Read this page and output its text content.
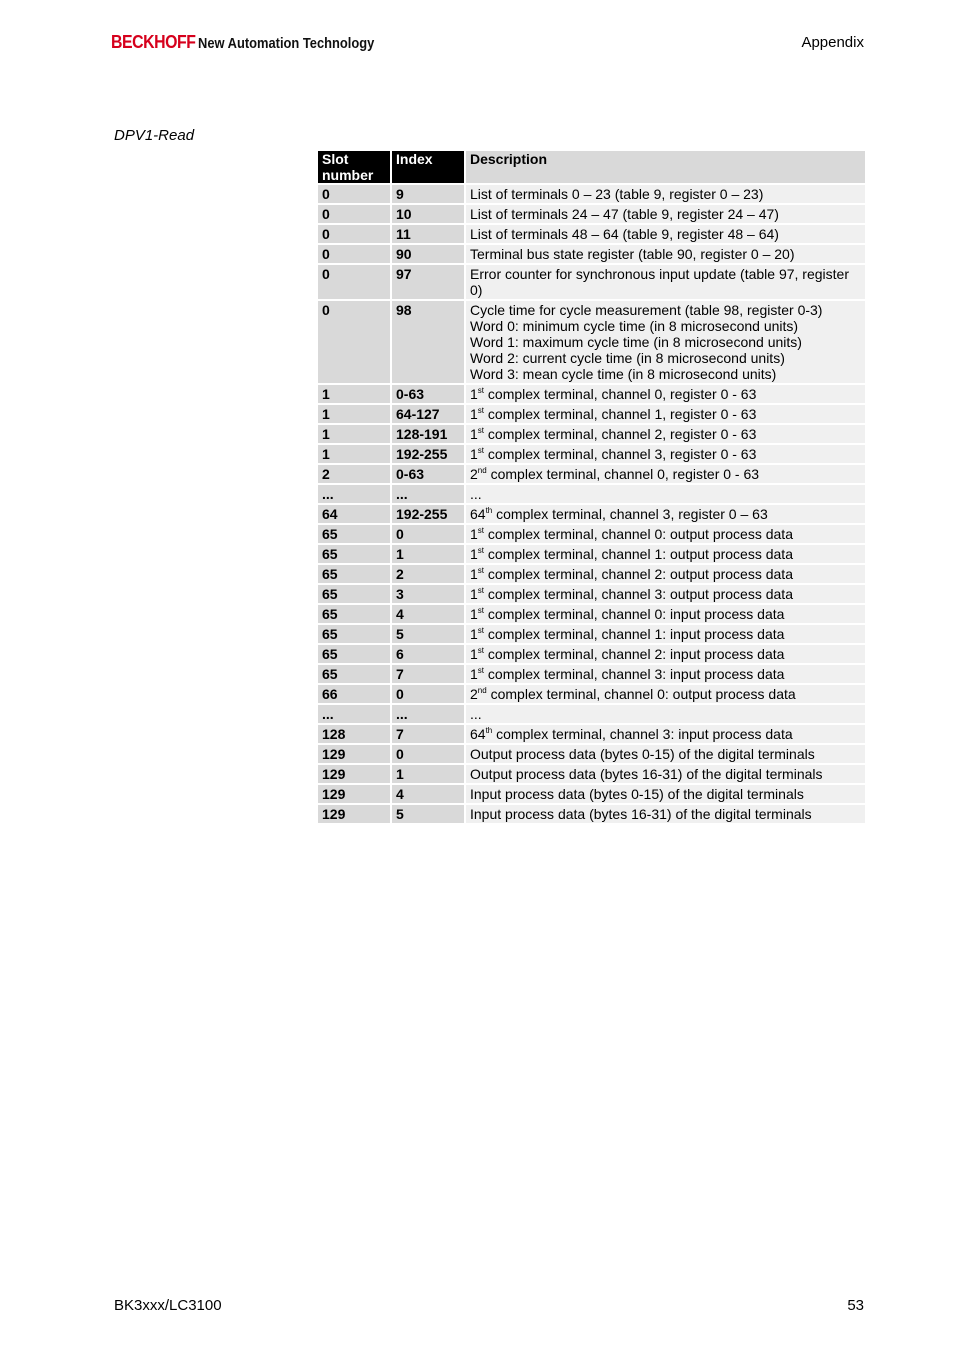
BECKHOFF New Automation Technology	Appendix
DPV1-Read
Slot number	Index	Description
0	9	List of terminals 0 – 23 (table 9, register 0 – 23)
0	10	List of terminals 24 – 47 (table 9, register 24 – 47)
0	11	List of terminals 48 – 64 (table 9, register 48 – 64)
0	90	Terminal bus state register (table 90, register 0 – 20)
0	97	Error counter for synchronous input update (table 97, register 0)
0	98	Cycle time for cycle measurement (table 98, register 0-3)
Word 0: minimum cycle time (in 8 microsecond units)
Word 1: maximum cycle time (in 8 microsecond units)
Word 2: current cycle time (in 8 microsecond units)
Word 3: mean cycle time (in 8 microsecond units)

1	0-63	1st complex terminal, channel 0, register 0 - 63
1	64-127	1st complex terminal, channel 1, register 0 - 63
1	128-191	1st complex terminal, channel 2, register 0 - 63
1	192-255	1st complex terminal, channel 3, register 0 - 63
2	0-63	2nd complex terminal, channel 0, register 0 - 63
...	...	...
64	192-255	64th complex terminal, channel 3, register 0 – 63
65	0	1st complex terminal, channel 0: output process data
65	1	1st complex terminal, channel 1: output process data
65	2	1st complex terminal, channel 2: output process data
65	3	1st complex terminal, channel 3: output process data
65	4	1st complex terminal, channel 0: input process data
65	5	1st complex terminal, channel 1: input process data
65	6	1st complex terminal, channel 2: input process data
65	7	1st complex terminal, channel 3: input process data
66	0	2nd complex terminal, channel 0: output process data
...	...	...
128	7	64th complex terminal, channel 3: input process data
129	0	Output process data (bytes 0-15) of the digital terminals
129	1	Output process data (bytes 16-31) of the digital terminals
129	4	Input process data (bytes 0-15) of the digital terminals
129	5	Input process data (bytes 16-31) of the digital terminals
BK3xxx/LC3100	53
